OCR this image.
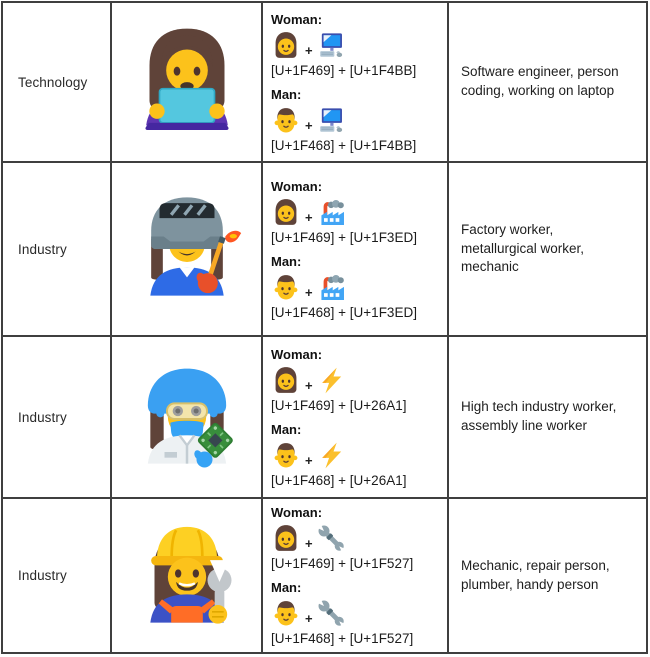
Technology
Woman:
+
[U+1F469] + [U+1F4BB]
Man:
+
[U+1F468] + [U+1F4BB]
Software engineer, person coding, working on laptop
Industry
Woman:
+
[U+1F469] + [U+1F3ED]
Man:
+
[U+1F468] + [U+1F3ED]
Factory worker, metallurgical worker, mechanic
Industry
Woman:
+
[U+1F469] + [U+26A1]
Man:
+
[U+1F468] + [U+26A1]
High tech industry worker, assembly line worker
Industry
Woman:
+
[U+1F469] + [U+1F527]
Man:
+
[U+1F468] + [U+1F527]
Mechanic, repair person, plumber, handy person
